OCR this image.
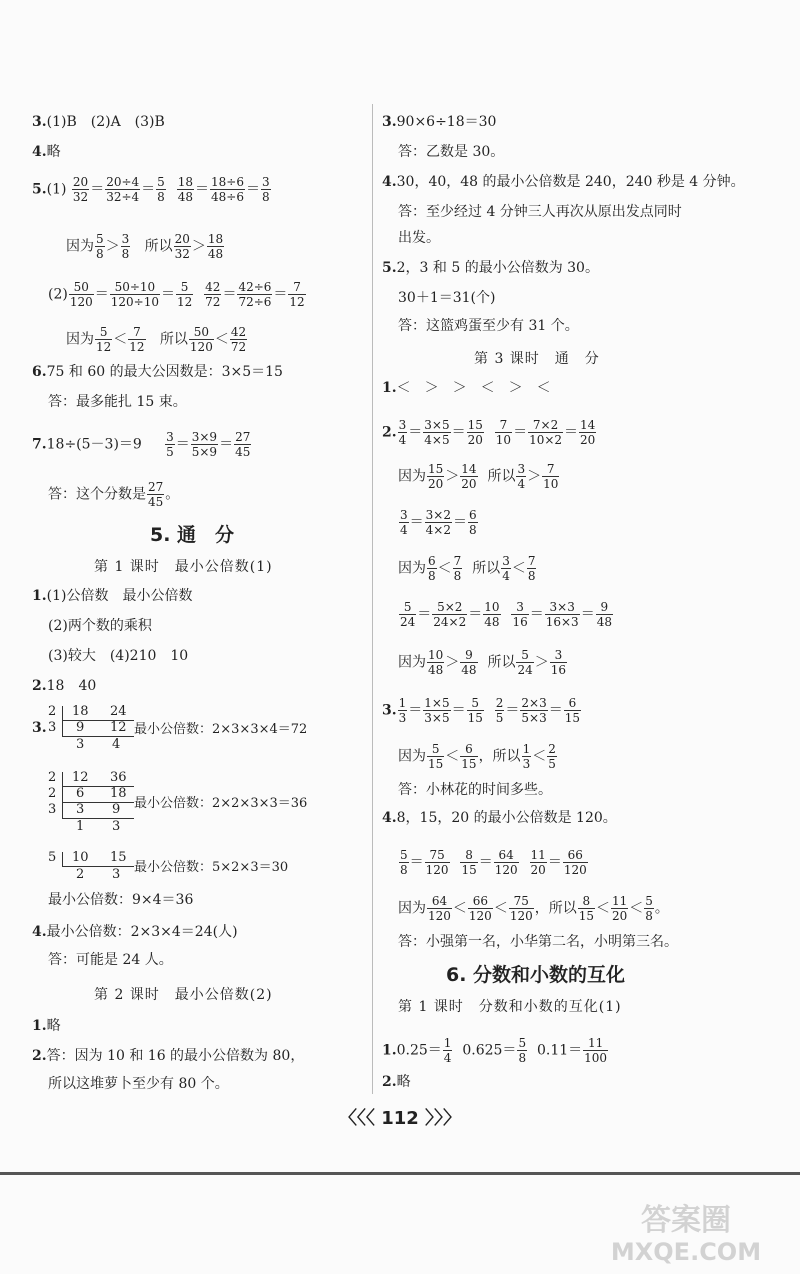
3.(1)B　(2)A　(3)B
4.略
$5.(1) \frac{20}{32} = \frac{20\div 4}{32\div 4} = \frac{5}{8}$
$\frac{18}{48} = \frac{18\div 6}{48\div 6} = \frac{3}{8}$
因为 $\frac{5}{8} > \frac{3}{8}$ 所以 $\frac{20}{32} > \frac{18}{48}$
$(2) \frac{50}{120} = \frac{50\div 10}{120\div 10} = \frac{5}{12}$
$\frac{42}{72} = \frac{42\div 6}{72\div 6} = \frac{7}{12}$
因为 $\frac{5}{12} < \frac{7}{12}$ 所以 $\frac{50}{120} < \frac{42}{72}$
6.75 和 60 的最大公因数是：3×5＝15
答：最多能扎 15 束。
$7.18\div(5-3)=9 \frac{3}{5} = \frac{3\times 9}{5\times 9} = \frac{27}{45}$
答：这个分数是 $\frac{27}{45}$ 。
5. 通　分
第 1 课时　最小公倍数(1)
1.(1)公倍数　最小公倍数
(2)两个数的乘积
(3)较大　(4)210　10
2.18　40
3.
2
3
18 24
9 12
3 4
最小公倍数：2×3×3×4＝72
2
2
3
12 36
6 18
3 9
1 3
最小公倍数：2×2×3×3＝36
5 10 15
2 3 最小公倍数：5×2×3＝30
最小公倍数：9×4＝36
4.最小公倍数：2×3×4＝24(人)
答：可能是 24 人。
第 2 课时　最小公倍数(2)
1.略
2.答：因为 10 和 16 的最小公倍数为 80，
所以这堆萝卜至少有 80 个。
3.90×6÷18＝30
答：乙数是 30。
4.30，40，48 的最小公倍数是 240，240 秒是 4 分钟。
答：至少经过 4 分钟三人再次从原出发点同时
出发。
5.2，3 和 5 的最小公倍数为 30。
30＋1＝31(个)
答：这篮鸡蛋至少有 31 个。
第 3 课时　通　分
1.＜　＞　＞　＜　＞　＜
2. $\frac{3}{4} = \frac{3\times 5}{4\times 5} = \frac{15}{20}$
$\frac{7}{10} = \frac{7\times 2}{10\times 2} = \frac{14}{20}$
因为 $\frac{15}{20} > \frac{14}{20}$ 所以 $\frac{3}{4} > \frac{7}{10}$
$\frac{3}{4} = \frac{3\times 2}{4\times 2} = \frac{6}{8}$
因为 $\frac{6}{8} < \frac{7}{8}$ 所以 $\frac{3}{4} < \frac{7}{8}$
$\frac{5}{24} = \frac{5\times 2}{24\times 2} = \frac{10}{48}$
$\frac{3}{16} = \frac{3\times 3}{16\times 3} = \frac{9}{48}$
因为 $\frac{10}{48} > \frac{9}{48}$ 所以 $\frac{5}{24} > \frac{3}{16}$
3. $\frac{1}{3} = \frac{1\times 5}{3\times 5} = \frac{5}{15}$
$\frac{2}{5} = \frac{2\times 3}{5\times 3} = \frac{6}{15}$
因为 $\frac{5}{15} < \frac{6}{15}$ ，所以 $\frac{1}{3} < \frac{2}{5}$
答：小林花的时间多些。
4.8，15，20 的最小公倍数是 120。
$\frac{5}{8} = \frac{75}{120}$
$\frac{8}{15} = \frac{64}{120}$
$\frac{11}{20} = \frac{66}{120}$
因为 $\frac{64}{120} < \frac{66}{120} < \frac{75}{120}$ ，所以 $\frac{8}{15} < \frac{11}{20} < \frac{5}{8}$ 。
答：小强第一名，小华第二名，小明第三名。
6. 分数和小数的互化
第 1 课时　分数和小数的互化(1)
$1.0.25= \frac{1}{4} 0.625= \frac{5}{8} 0.11= \frac{11}{100}$
2.略
〈〈〈 112 〉〉〉
答案圈
MXQE.COM
